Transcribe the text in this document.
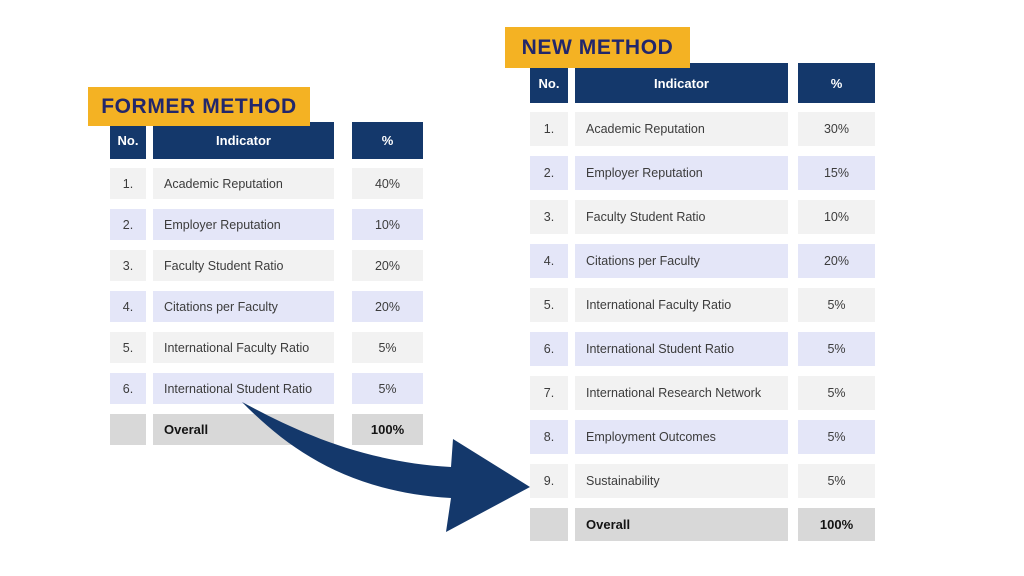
FORMER METHOD
No.	Indicator	%
1.	Academic Reputation	40%
2.	Employer Reputation	10%
3.	Faculty Student Ratio	20%
4.	Citations per Faculty	20%
5.	International Faculty Ratio	5%
6.	International Student Ratio	5%
Overall	100%
NEW METHOD
No.	Indicator	%
1.	Academic Reputation	30%
2.	Employer Reputation	15%
3.	Faculty Student Ratio	10%
4.	Citations per Faculty	20%
5.	International Faculty Ratio	5%
6.	International Student Ratio	5%
7.	International Research Network	5%
8.	Employment Outcomes	5%
9.	Sustainability	5%
Overall	100%
